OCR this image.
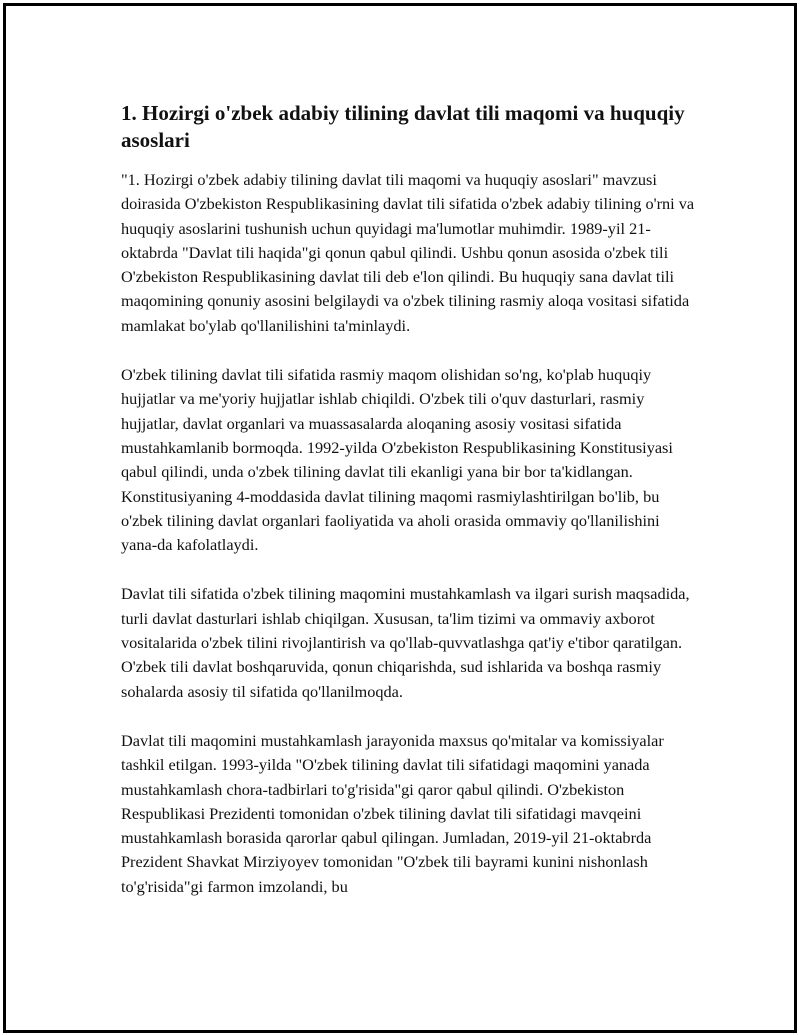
1. Hozirgi o'zbek adabiy tilining davlat tili maqomi va huquqiy asoslari

"1. Hozirgi o'zbek adabiy tilining davlat tili maqomi va huquqiy asoslari" mavzusi doirasida O'zbekiston Respublikasining davlat tili sifatida o'zbek adabiy tilining o'rni va huquqiy asoslarini tushunish uchun quyidagi ma'lumotlar muhimdir. 1989-yil 21-oktabrda "Davlat tili haqida"gi qonun qabul qilindi. Ushbu qonun asosida o'zbek tili O'zbekiston Respublikasining davlat tili deb e'lon qilindi. Bu huquqiy sana davlat tili maqomining qonuniy asosini belgilaydi va o'zbek tilining rasmiy aloqa vositasi sifatida mamlakat bo'ylab qo'llanilishini ta'minlaydi.

O'zbek tilining davlat tili sifatida rasmiy maqom olishidan so'ng, ko'plab huquqiy hujjatlar va me'yoriy hujjatlar ishlab chiqildi. O'zbek tili o'quv dasturlari, rasmiy hujjatlar, davlat organlari va muassasalarda aloqaning asosiy vositasi sifatida mustahkamlanib bormoqda. 1992-yilda O'zbekiston Respublikasining Konstitusiyasi qabul qilindi, unda o'zbek tilining davlat tili ekanligi yana bir bor ta'kidlangan. Konstitusiyaning 4-moddasida davlat tilining maqomi rasmiylashtirilgan bo'lib, bu o'zbek tilining davlat organlari faoliyatida va aholi orasida ommaviy qo'llanilishini yana-da kafolatlaydi.

Davlat tili sifatida o'zbek tilining maqomini mustahkamlash va ilgari surish maqsadida, turli davlat dasturlari ishlab chiqilgan. Xususan, ta'lim tizimi va ommaviy axborot vositalarida o'zbek tilini rivojlantirish va qo'llab-quvvatlashga qat'iy e'tibor qaratilgan. O'zbek tili davlat boshqaruvida, qonun chiqarishda, sud ishlarida va boshqa rasmiy sohalarda asosiy til sifatida qo'llanilmoqda.

Davlat tili maqomini mustahkamlash jarayonida maxsus qo'mitalar va komissiyalar tashkil etilgan. 1993-yilda "O'zbek tilining davlat tili sifatidagi maqomini yanada mustahkamlash chora-tadbirlari to'g'risida"gi qaror qabul qilindi. O'zbekiston Respublikasi Prezidenti tomonidan o'zbek tilining davlat tili sifatidagi mavqeini mustahkamlash borasida qarorlar qabul qilingan. Jumladan, 2019-yil 21-oktabrda Prezident Shavkat Mirziyoyev tomonidan "O'zbek tili bayrami kunini nishonlash to'g'risida"gi farmon imzolandi, bu
